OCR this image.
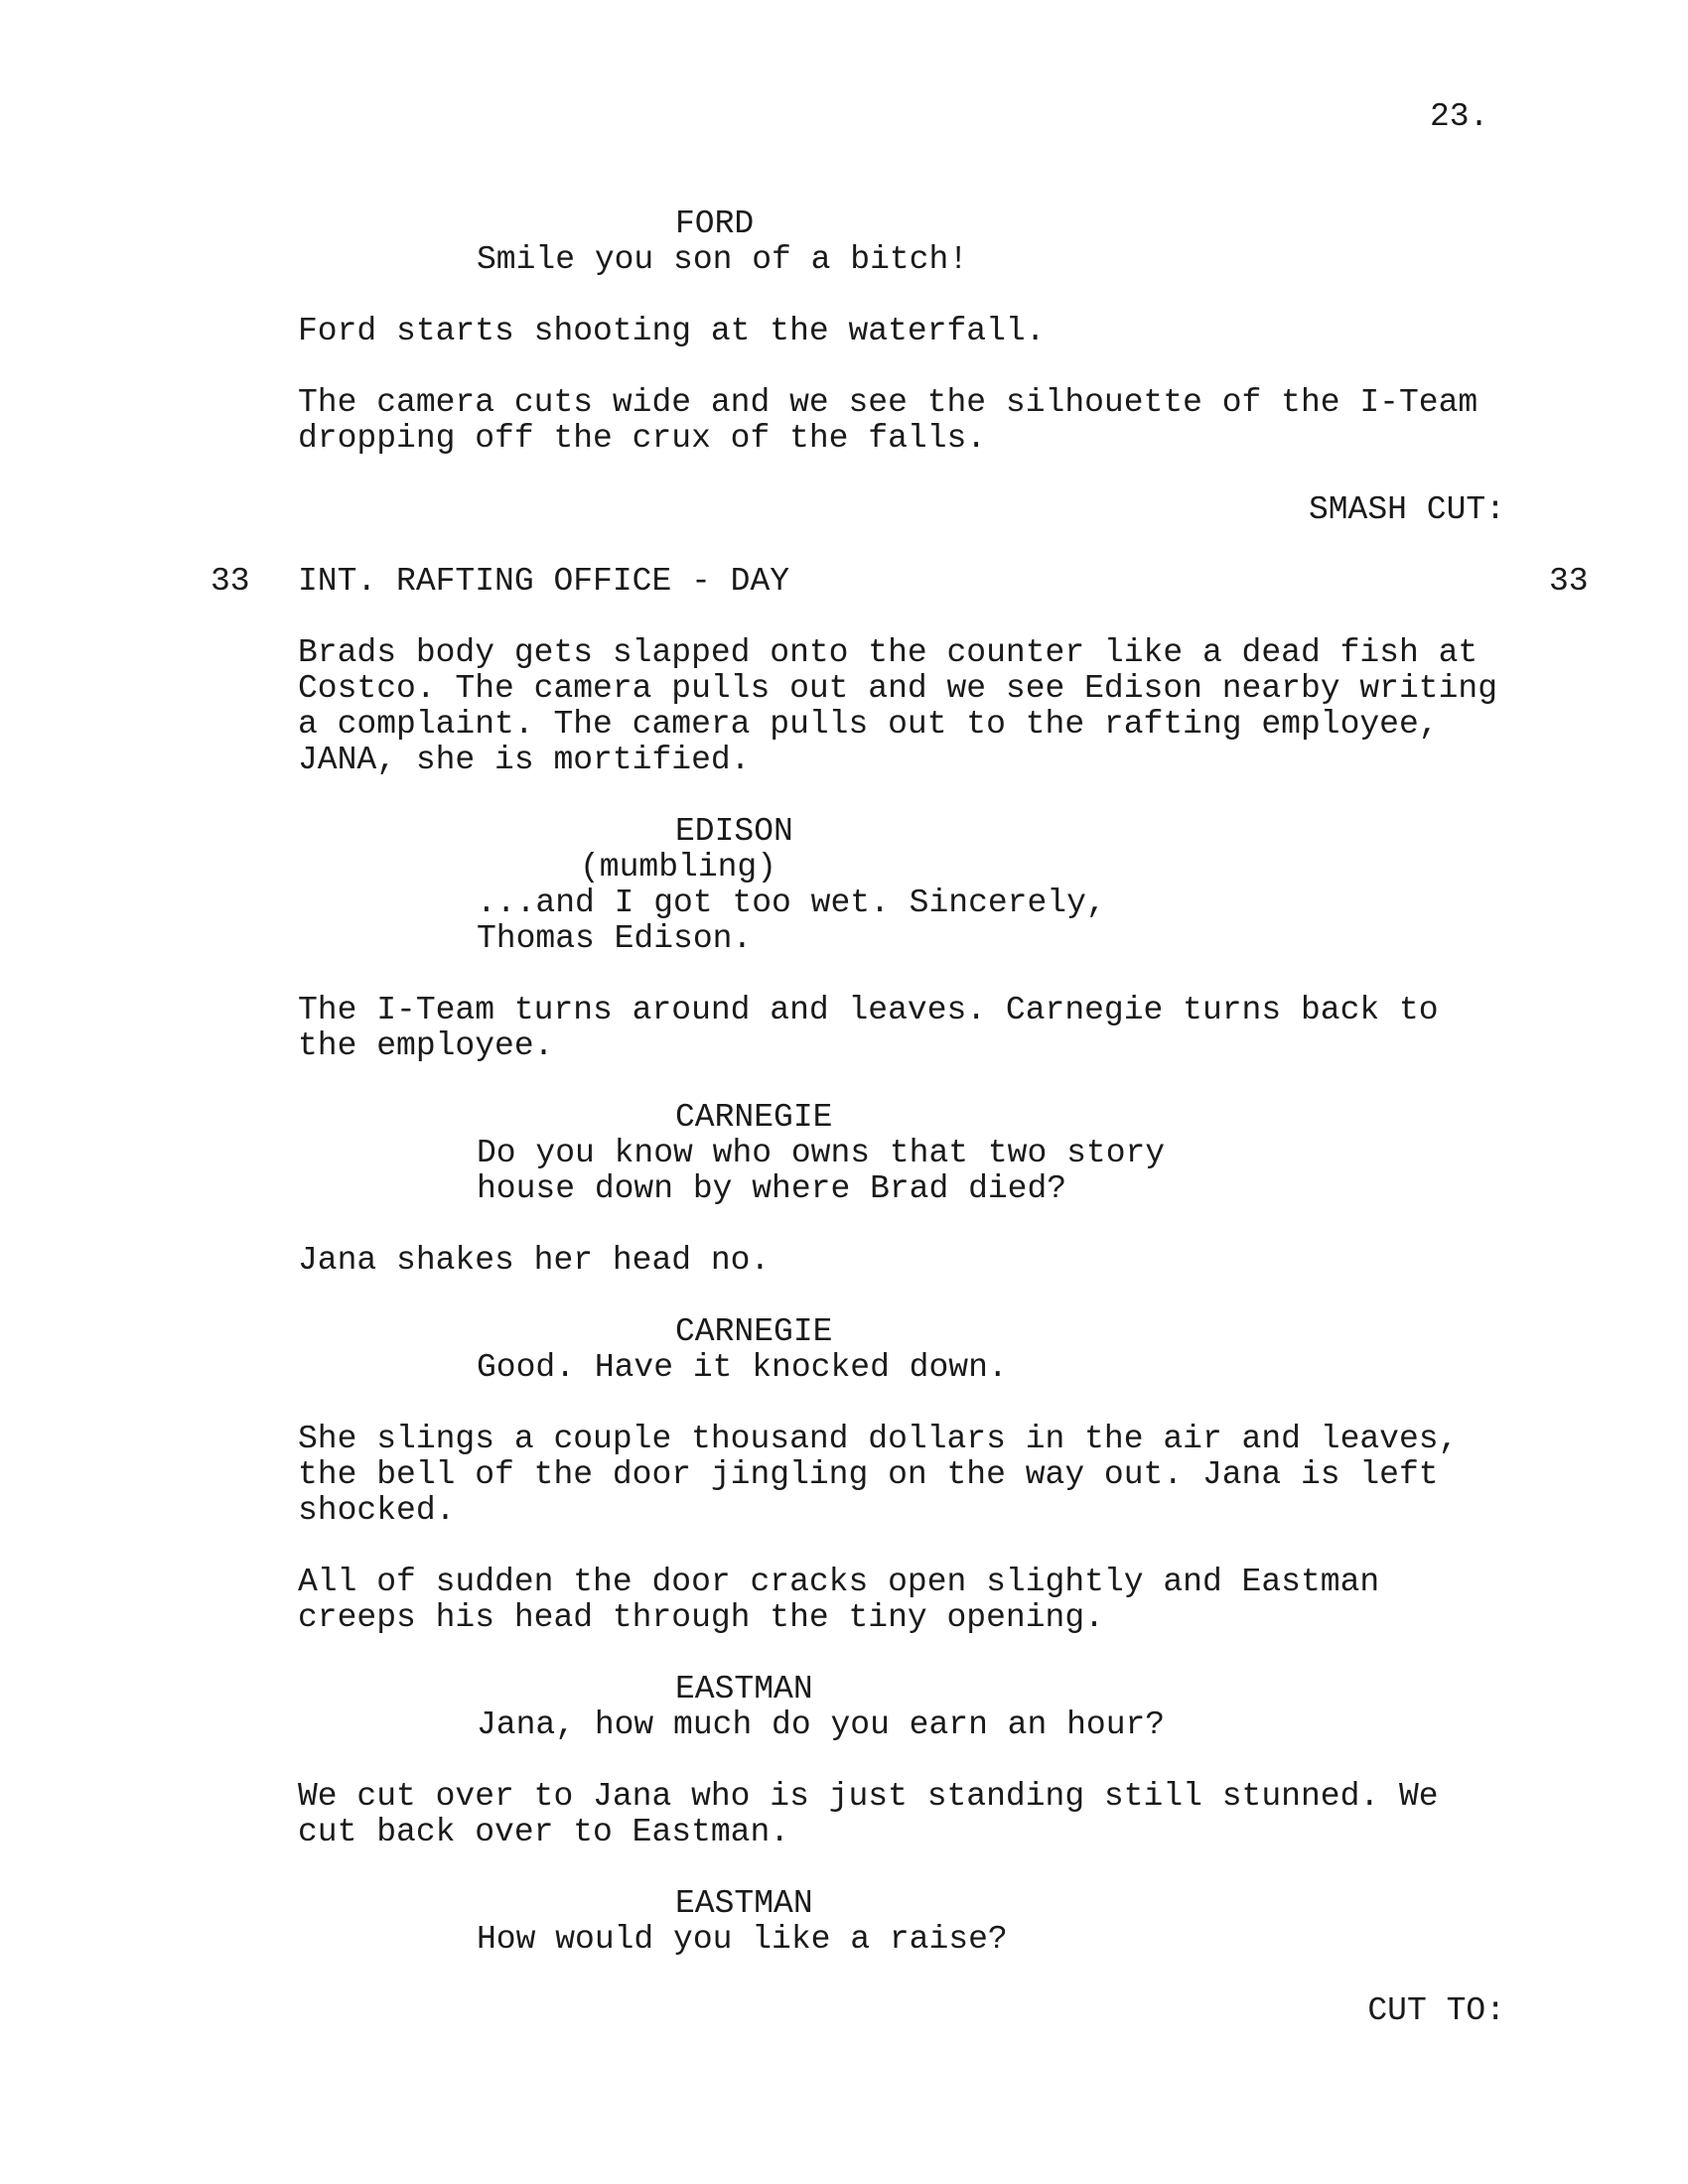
23.
FORD
Smile you son of a bitch!
Ford starts shooting at the waterfall.
The camera cuts wide and we see the silhouette of the I-Team
dropping off the crux of the falls.
SMASH CUT:
33 INT. RAFTING OFFICE - DAY	33
Brads body gets slapped onto the counter like a dead fish at
Costco. The camera pulls out and we see Edison nearby writing
a complaint. The camera pulls out to the rafting employee,
JANA, she is mortified.
EDISON
(mumbling)
...and I got too wet. Sincerely,
Thomas Edison.
The I-Team turns around and leaves. Carnegie turns back to
the employee.
CARNEGIE
Do you know who owns that two story
house down by where Brad died?
Jana shakes her head no.
CARNEGIE
Good. Have it knocked down.
She slings a couple thousand dollars in the air and leaves,
the bell of the door jingling on the way out. Jana is left
shocked.
All of sudden the door cracks open slightly and Eastman
creeps his head through the tiny opening.
EASTMAN
Jana, how much do you earn an hour?
We cut over to Jana who is just standing still stunned. We
cut back over to Eastman.
EASTMAN
How would you like a raise?
CUT TO:
